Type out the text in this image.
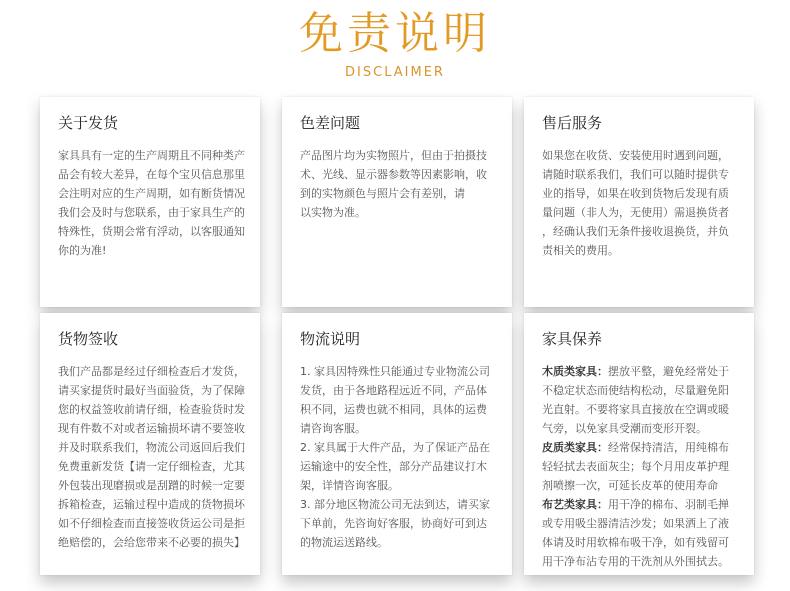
免责说明
DISCLAIMER
关于发货

家具具有一定的生产周期且不同种类产
品会有较大差异，在每个宝贝信息那里
会注明对应的生产周期，如有断货情况
我们会及时与您联系，由于家具生产的
特殊性，货期会常有浮动，以客服通知
你的为准!

色差问题

产品图片均为实物照片，但由于拍摄技
术、光线、显示器参数等因素影响，收
到的实物颜色与照片会有差别，请
以实物为准。

售后服务

如果您在收货、安装使用时遇到问题，
请随时联系我们，我们可以随时提供专
业的指导，如果在收到货物后发现有质
量问题（非人为，无使用）需退换货者
，经确认我们无条件接收退换货，并负
责相关的费用。

货物签收

我们产品都是经过仔细检查后才发货，
请买家提货时最好当面验货，为了保障
您的权益签收前请仔细，检查验货时发
现有件数不对或者运输损坏请不要签收
并及时联系我们，物流公司返回后我们
免费重新发货【请一定仔细检查，尤其
外包装出现磨损或是刮蹭的时候一定要
拆箱检查，运输过程中造成的货物损坏
如不仔细检查而直接签收货运公司是拒
绝赔偿的，会给您带来不必要的损失】

物流说明

1. 家具因特殊性只能通过专业物流公司
发货，由于各地路程远近不同，产品体
积不同，运费也就不相同，具体的运费
请咨询客服。

2. 家具属于大件产品，为了保证产品在
运输途中的安全性，部分产品建议打木
架，详情咨询客服。

3. 部分地区物流公司无法到达，请买家
下单前，先咨询好客服，协商好可到达
的物流运送路线。

家具保养

木质类家具：摆放平整，避免经常处于
不稳定状态而使结构松动，尽量避免阳
光直射。不要将家具直接放在空调或暖
气旁，以免家具受潮而变形开裂。

皮质类家具：经常保持清洁，用纯棉布
轻轻拭去表面灰尘；每个月用皮革护理
剂喷擦一次，可延长皮革的使用寿命

布艺类家具：用干净的棉布、羽制毛掸
或专用吸尘器清洁沙发；如果洒上了液
体请及时用软棉布吸干净，如有残留可
用干净布沾专用的干洗剂从外围拭去。
